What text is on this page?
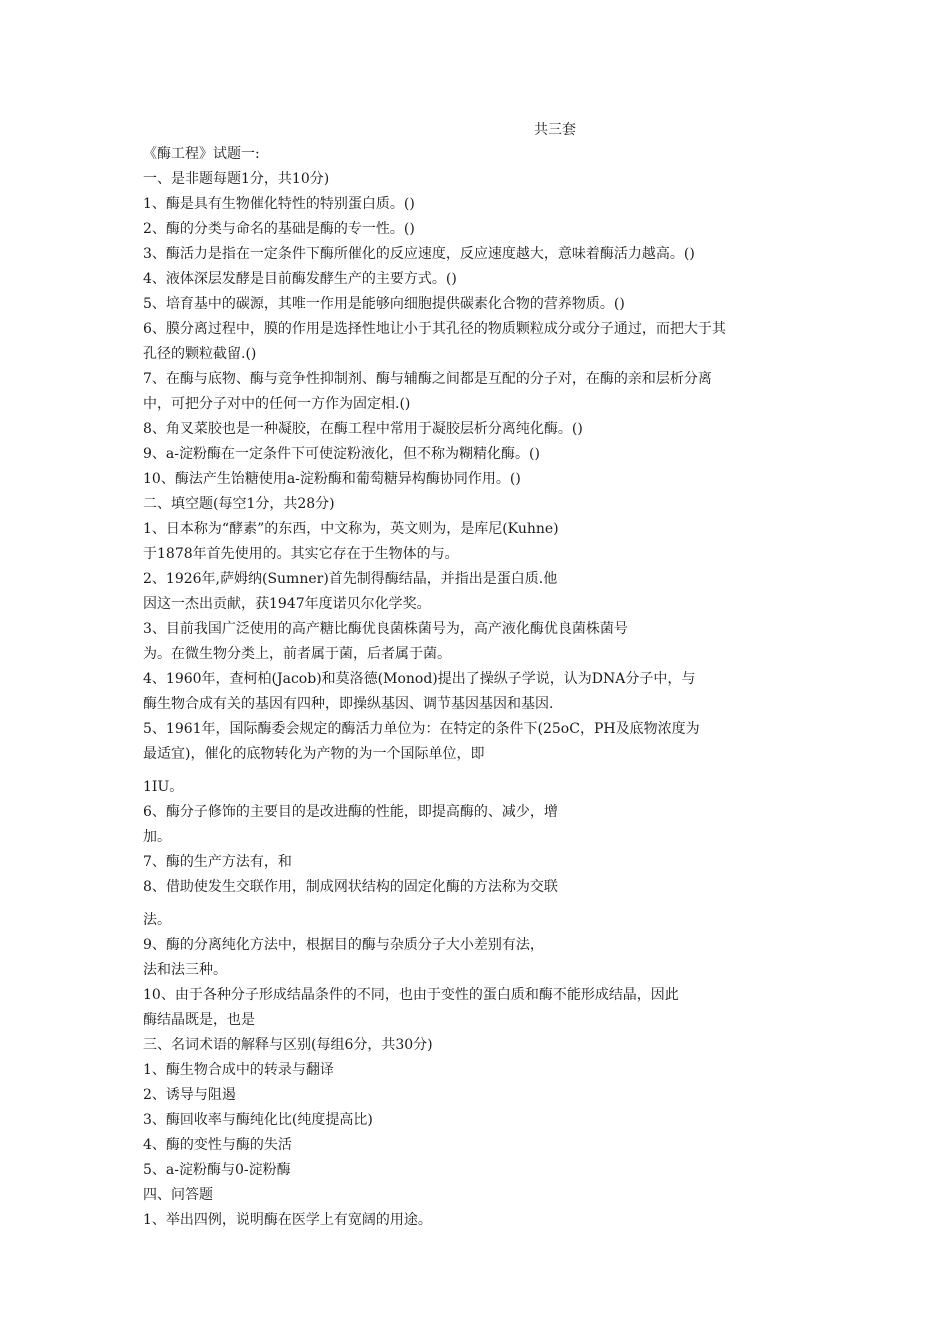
共三套
《酶工程》试题一:
一、是非题每题1分，共10分)
1、酶是具有生物催化特性的特别蛋白质。()
2、酶的分类与命名的基础是酶的专一性。()
3、酶活力是指在一定条件下酶所催化的反应速度，反应速度越大，意味着酶活力越高。()
4、液体深层发酵是目前酶发酵生产的主要方式。()
5、培育基中的碳源，其唯一作用是能够向细胞提供碳素化合物的营养物质。()
6、膜分离过程中，膜的作用是选择性地让小于其孔径的物质颗粒成分或分子通过，而把大于其
孔径的颗粒截留.()
7、在酶与底物、酶与竞争性抑制剂、酶与辅酶之间都是互配的分子对，在酶的亲和层析分离
中，可把分子对中的任何一方作为固定相.()
8、角叉菜胶也是一种凝胶，在酶工程中常用于凝胶层析分离纯化酶。()
9、a-淀粉酶在一定条件下可使淀粉液化，但不称为糊精化酶。()
10、酶法产生饴糖使用a-淀粉酶和葡萄糖异构酶协同作用。()
二、填空题(每空1分，共28分)
1、日本称为“酵素”的东西，中文称为，英文则为，是库尼(Kuhne)
于1878年首先使用的。其实它存在于生物体的与。
2、1926年,萨姆纳(Sumner)首先制得酶结晶，并指出是蛋白质.他
因这一杰出贡献，获1947年度诺贝尔化学奖。
3、目前我国广泛使用的高产糖比酶优良菌株菌号为，高产液化酶优良菌株菌号
为。在微生物分类上，前者属于菌，后者属于菌。
4、1960年，查柯柏(Jacob)和莫洛德(Monod)提出了操纵子学说，认为DNA分子中，与
酶生物合成有关的基因有四种，即操纵基因、调节基因基因和基因.
5、1961年，国际酶委会规定的酶活力单位为：在特定的条件下(25oC，PH及底物浓度为
最适宜)，催化的底物转化为产物的为一个国际单位，即
1IU。
6、酶分子修饰的主要目的是改进酶的性能，即提高酶的、减少，增
加。
7、酶的生产方法有，和
8、借助使发生交联作用，制成网状结构的固定化酶的方法称为交联
法。
9、酶的分离纯化方法中，根据目的酶与杂质分子大小差别有法，
法和法三种。
10、由于各种分子形成结晶条件的不同，也由于变性的蛋白质和酶不能形成结晶，因此
酶结晶既是，也是
三、名词术语的解释与区别(每组6分，共30分)
1、酶生物合成中的转录与翻译
2、诱导与阻遏
3、酶回收率与酶纯化比(纯度提高比)
4、酶的变性与酶的失活
5、a-淀粉酶与0-淀粉酶
四、问答题
1、举出四例，说明酶在医学上有宽阔的用途。
